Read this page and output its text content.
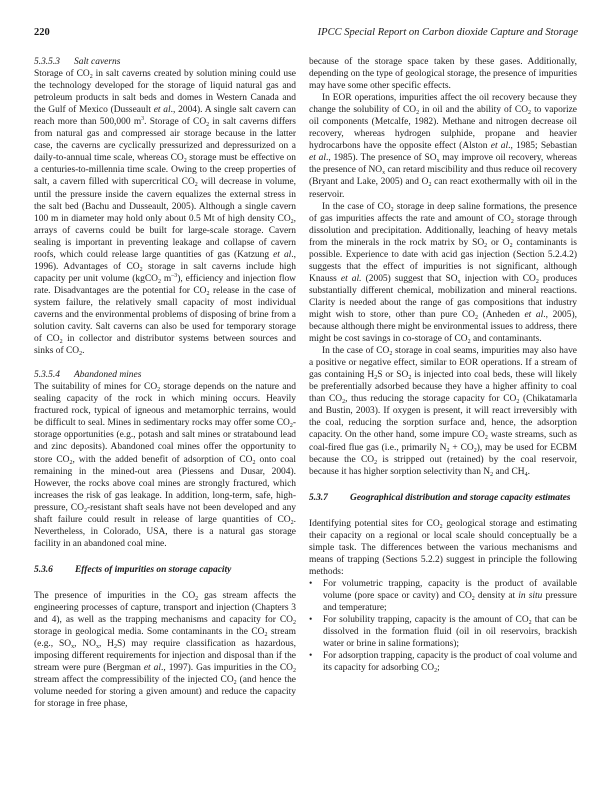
220	IPCC Special Report on Carbon dioxide Capture and Storage

5.3.5.3 Salt caverns

Storage of $CO_2$ in salt caverns created by solution mining could use the technology developed for the storage of liquid natural gas and petroleum products in salt beds and domes in Western Canada and the Gulf of Mexico (Dusseault et al., 2004). A single salt cavern can reach more than 500,000 $m^3$. Storage of $CO_2$ in salt caverns differs from natural gas and compressed air storage because in the latter case, the caverns are cyclically pressurized and depressurized on a daily-to-annual time scale, whereas $CO_2$ storage must be effective on a centuries-to-millennia time scale. Owing to the creep properties of salt, a cavern filled with supercritical $CO_2$ will decrease in volume, until the pressure inside the cavern equalizes the external stress in the salt bed (Bachu and Dusseault, 2005). Although a single cavern 100 m in diameter may hold only about 0.5 Mt of high density $CO_2$, arrays of caverns could be built for large-scale storage. Cavern sealing is important in preventing leakage and collapse of cavern roofs, which could release large quantities of gas (Katzung et al., 1996). Advantages of $CO_2$ storage in salt caverns include high capacity per unit volume (kgCO$_2$ $m^{-3}$), efficiency and injection flow rate. Disadvantages are the potential for $CO_2$ release in the case of system failure, the relatively small capacity of most individual caverns and the environmental problems of disposing of brine from a solution cavity. Salt caverns can also be used for temporary storage of $CO_2$ in collector and distributor systems between sources and sinks of $CO_2$.

5.3.5.4 Abandoned mines

The suitability of mines for $CO_2$ storage depends on the nature and sealing capacity of the rock in which mining occurs. Heavily fractured rock, typical of igneous and metamorphic terrains, would be difficult to seal. Mines in sedimentary rocks may offer some $CO_2$-storage opportunities (e.g., potash and salt mines or stratabound lead and zinc deposits). Abandoned coal mines offer the opportunity to store $CO_2$, with the added benefit of adsorption of $CO_2$ onto coal remaining in the mined-out area (Piessens and Dusar, 2004). However, the rocks above coal mines are strongly fractured, which increases the risk of gas leakage. In addition, long-term, safe, high-pressure, $CO_2$-resistant shaft seals have not been developed and any shaft failure could result in release of large quantities of $CO_2$. Nevertheless, in Colorado, USA, there is a natural gas storage facility in an abandoned coal mine.

5.3.6	Effects of impurities on storage capacity

The presence of impurities in the $CO_2$ gas stream affects the engineering processes of capture, transport and injection (Chapters 3 and 4), as well as the trapping mechanisms and capacity for $CO_2$ storage in geological media. Some contaminants in the $CO_2$ stream (e.g., $SO_x$, $NO_x$, $H_2S$) may require classification as hazardous, imposing different requirements for injection and disposal than if the stream were pure (Bergman et al., 1997). Gas impurities in the $CO_2$ stream affect the compressibility of the injected $CO_2$ (and hence the volume needed for storing a given amount) and reduce the capacity for storage in free phase,

because of the storage space taken by these gases. Additionally, depending on the type of geological storage, the presence of impurities may have some other specific effects.

In EOR operations, impurities affect the oil recovery because they change the solubility of $CO_2$ in oil and the ability of $CO_2$ to vaporize oil components (Metcalfe, 1982). Methane and nitrogen decrease oil recovery, whereas hydrogen sulphide, propane and heavier hydrocarbons have the opposite effect (Alston et al., 1985; Sebastian et al., 1985). The presence of $SO_x$ may improve oil recovery, whereas the presence of $NO_x$ can retard miscibility and thus reduce oil recovery (Bryant and Lake, 2005) and $O_2$ can react exothermally with oil in the reservoir.

In the case of $CO_2$ storage in deep saline formations, the presence of gas impurities affects the rate and amount of $CO_2$ storage through dissolution and precipitation. Additionally, leaching of heavy metals from the minerals in the rock matrix by $SO_2$ or $O_2$ contaminants is possible. Experience to date with acid gas injection (Section 5.2.4.2) suggests that the effect of impurities is not significant, although Knauss et al. (2005) suggest that $SO_x$ injection with $CO_2$ produces substantially different chemical, mobilization and mineral reactions. Clarity is needed about the range of gas compositions that industry might wish to store, other than pure $CO_2$ (Anheden et al., 2005), because although there might be environmental issues to address, there might be cost savings in co-storage of $CO_2$ and contaminants.

In the case of $CO_2$ storage in coal seams, impurities may also have a positive or negative effect, similar to EOR operations. If a stream of gas containing $H_2S$ or $SO_2$ is injected into coal beds, these will likely be preferentially adsorbed because they have a higher affinity to coal than $CO_2$, thus reducing the storage capacity for $CO_2$ (Chikatamarla and Bustin, 2003). If oxygen is present, it will react irreversibly with the coal, reducing the sorption surface and, hence, the adsorption capacity. On the other hand, some impure $CO_2$ waste streams, such as coal-fired flue gas (i.e., primarily $N_2 + CO_2$), may be used for ECBM because the $CO_2$ is stripped out (retained) by the coal reservoir, because it has higher sorption selectivity than $N_2$ and $CH_4$.

5.3.7	Geographical distribution and storage capacity estimates

Identifying potential sites for $CO_2$ geological storage and estimating their capacity on a regional or local scale should conceptually be a simple task. The differences between the various mechanisms and means of trapping (Sections 5.2.2) suggest in principle the following methods:

• For volumetric trapping, capacity is the product of available volume (pore space or cavity) and $CO_2$ density at in situ pressure and temperature;
• For solubility trapping, capacity is the amount of $CO_2$ that can be dissolved in the formation fluid (oil in oil reservoirs, brackish water or brine in saline formations);
• For adsorption trapping, capacity is the product of coal volume and its capacity for adsorbing $CO_2$;
